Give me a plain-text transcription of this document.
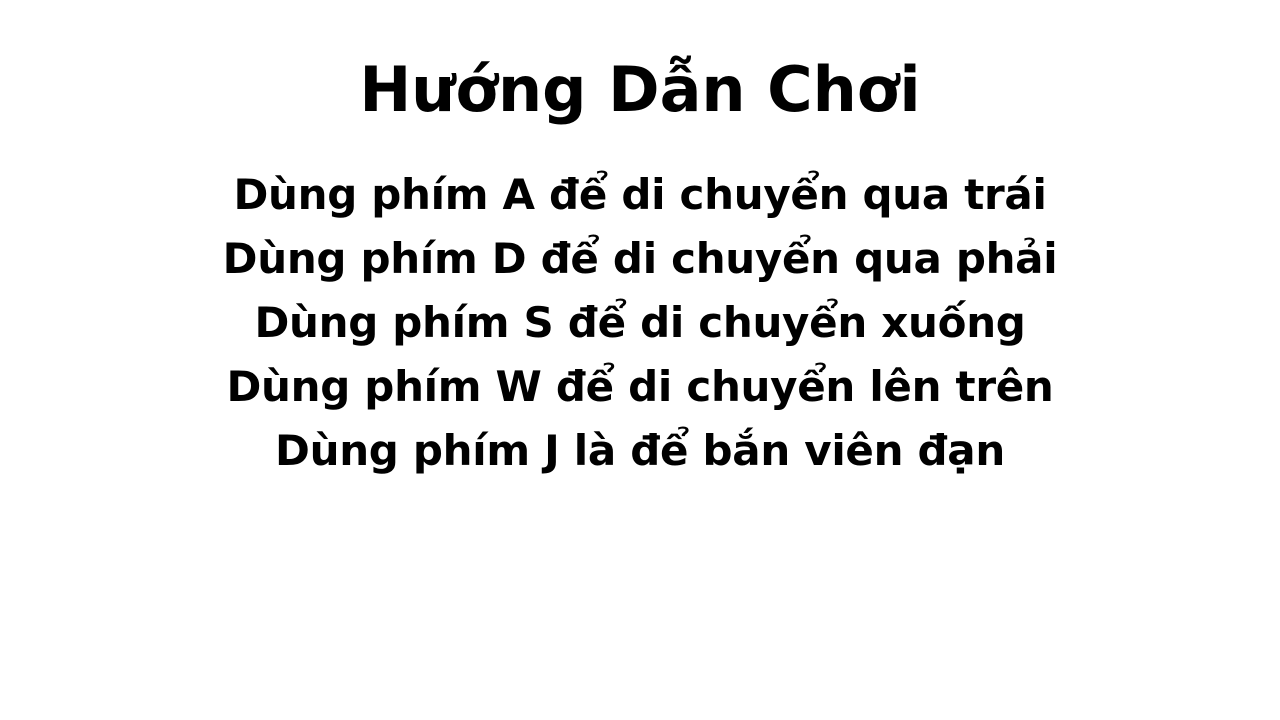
Hướng Dẫn Chơi
Dùng phím A để di chuyển qua trái
Dùng phím D để di chuyển qua phải
Dùng phím S để di chuyển xuống
Dùng phím W để di chuyển lên trên
Dùng phím J là để bắn viên đạn
